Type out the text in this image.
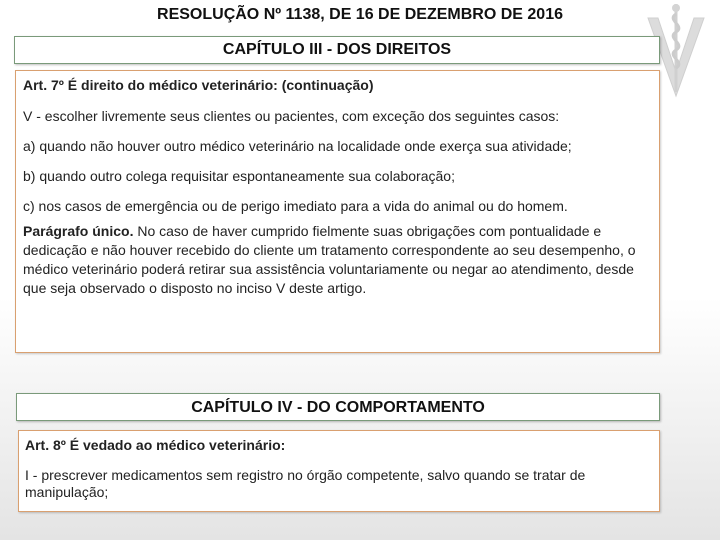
RESOLUÇÃO Nº 1138, DE 16 DE DEZEMBRO DE 2016
CAPÍTULO III - DOS DIREITOS

Art. 7º É direito do médico veterinário: (continuação)

V - escolher livremente seus clientes ou pacientes, com exceção dos seguintes casos:

a) quando não houver outro médico veterinário na localidade onde exerça sua atividade;

b) quando outro colega requisitar espontaneamente sua colaboração;

c) nos casos de emergência ou de perigo imediato para a vida do animal ou do homem.

Parágrafo único. No caso de haver cumprido fielmente suas obrigações com pontualidade e dedicação e não houver recebido do cliente um tratamento correspondente ao seu desempenho, o médico veterinário poderá retirar sua assistência voluntariamente ou negar ao atendimento, desde que seja observado o disposto no inciso V deste artigo.

CAPÍTULO IV - DO COMPORTAMENTO

Art. 8º É vedado ao médico veterinário:

I - prescrever medicamentos sem registro no órgão competente, salvo quando se tratar de manipulação;
